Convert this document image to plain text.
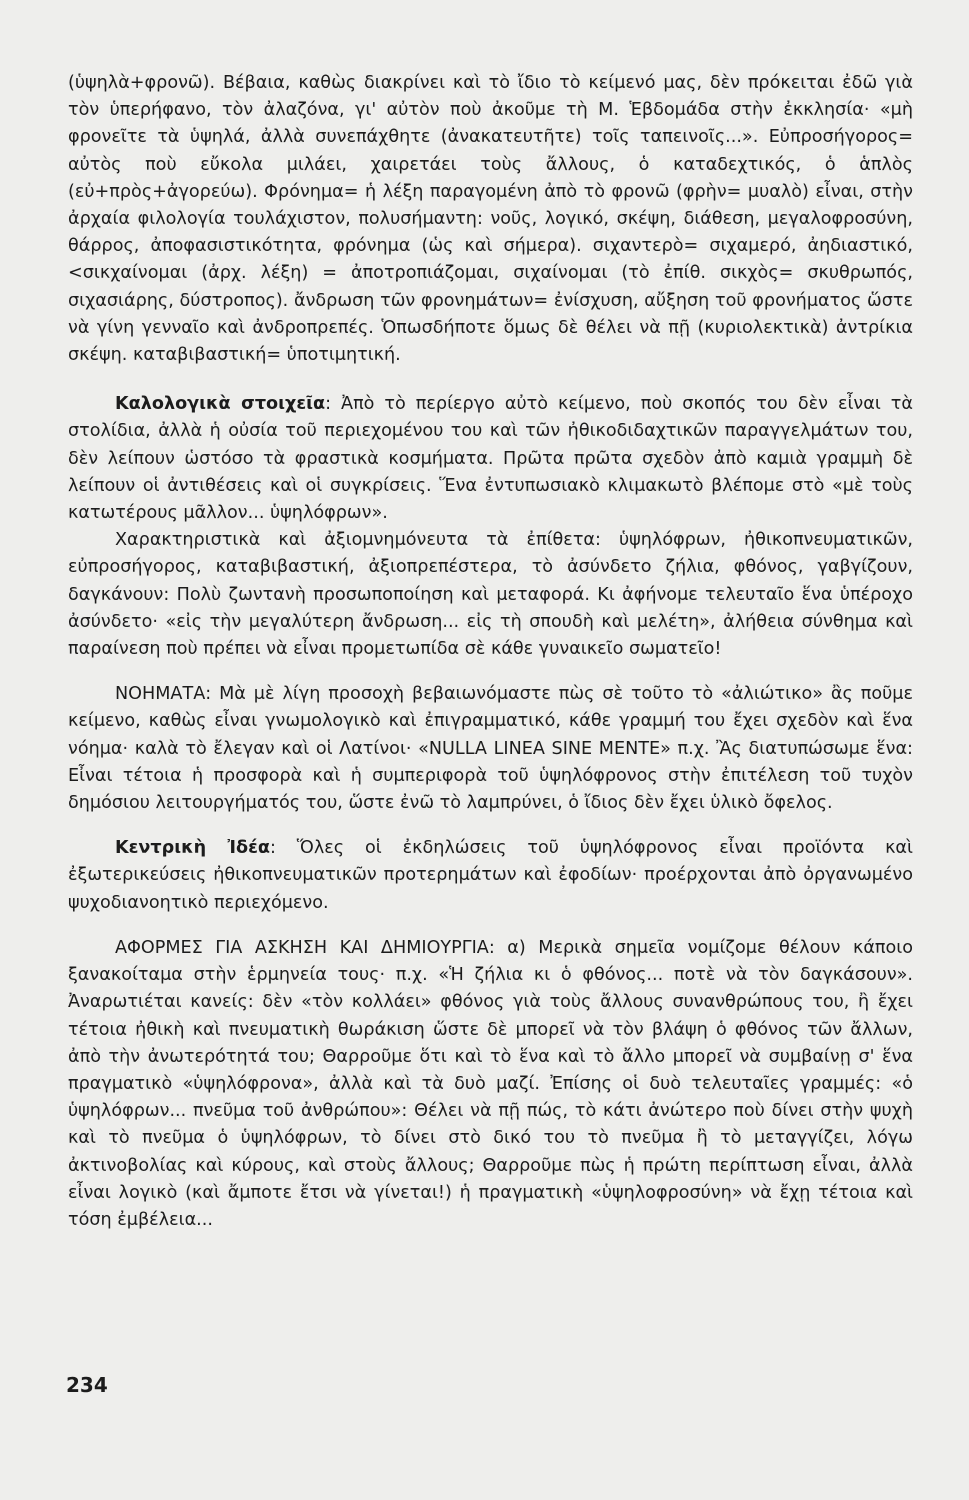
(ὑψηλὰ+φρονῶ). Βέβαια, καθὼς διακρίνει καὶ τὸ ἴδιο τὸ κείμενό μας, δὲν πρόκειται ἐδῶ γιὰ τὸν ὑπερήφανο, τὸν ἀλαζόνα, γι' αὐτὸν ποὺ ἀκοῦμε τὴ Μ. Ἑβδομάδα στὴν ἐκκλησία· «μὴ φρονεῖτε τὰ ὑψηλά, ἀλλὰ συνεπάχθητε (ἀνακατευτῆτε) τοῖς ταπεινοῖς...». Εὐπροσήγορος= αὐτὸς ποὺ εὔκολα μιλάει, χαιρετάει τοὺς ἄλλους, ὁ καταδεχτικός, ὁ ἁπλὸς (εὐ+πρὸς+ἀγορεύω). Φρόνημα= ἡ λέξη παραγομένη ἀπὸ τὸ φρονῶ (φρὴν= μυαλὸ) εἶναι, στὴν ἀρχαία φιλολογία τουλάχιστον, πολυσήμαντη: νοῦς, λογικό, σκέψη, διάθεση, μεγαλοφροσύνη, θάρρος, ἀποφασιστικότητα, φρόνημα (ὡς καὶ σήμερα). σιχαντερὸ= σιχαμερό, ἀηδιαστικό, <σικχαίνομαι (ἀρχ. λέξη) = ἀποτροπιάζομαι, σιχαίνομαι (τὸ ἐπίθ. σικχὸς= σκυθρωπός, σιχασιάρης, δύστροπος). ἄνδρωση τῶν φρονημάτων= ἐνίσχυση, αὔξηση τοῦ φρονήματος ὥστε νὰ γίνη γενναῖο καὶ ἀνδροπρεπές. Ὁπωσδήποτε ὅμως δὲ θέλει νὰ πῇ (κυριολεκτικὰ) ἀντρίκια σκέψη. καταβιβαστική= ὑποτιμητική.

Καλολογικὰ στοιχεῖα: Ἀπὸ τὸ περίεργο αὐτὸ κείμενο, ποὺ σκοπός του δὲν εἶναι τὰ στολίδια, ἀλλὰ ἡ οὐσία τοῦ περιεχομένου του καὶ τῶν ἠθικοδιδαχτικῶν παραγγελμάτων του, δὲν λείπουν ὡστόσο τὰ φραστικὰ κοσμήματα. Πρῶτα πρῶτα σχεδὸν ἀπὸ καμιὰ γραμμὴ δὲ λείπουν οἱ ἀντιθέσεις καὶ οἱ συγκρίσεις. Ἕνα ἐντυπωσιακὸ κλιμακωτὸ βλέπομε στὸ «μὲ τοὺς κατωτέρους μᾶλλον... ὑψηλόφρων».

Χαρακτηριστικὰ καὶ ἀξιομνημόνευτα τὰ ἐπίθετα: ὑψηλόφρων, ἠθικοπνευματικῶν, εὐπροσήγορος, καταβιβαστική, ἀξιοπρεπέστερα, τὸ ἀσύνδετο ζήλια, φθόνος, γαβγίζουν, δαγκάνουν: Πολὺ ζωντανὴ προσωποποίηση καὶ μεταφορά. Κι ἀφήνομε τελευταῖο ἕνα ὑπέροχο ἀσύνδετο· «εἰς τὴν μεγαλύτερη ἄνδρωση... εἰς τὴ σπουδὴ καὶ μελέτη», ἀλήθεια σύνθημα καὶ παραίνεση ποὺ πρέπει νὰ εἶναι προμετωπίδα σὲ κάθε γυναικεῖο σωματεῖο!

ΝΟΗΜΑΤΑ: Μὰ μὲ λίγη προσοχὴ βεβαιωνόμαστε πὼς σὲ τοῦτο τὸ «ἀλιώτικο» ἂς ποῦμε κείμενο, καθὼς εἶναι γνωμολογικὸ καὶ ἐπιγραμματικό, κάθε γραμμή του ἔχει σχεδὸν καὶ ἕνα νόημα· καλὰ τὸ ἔλεγαν καὶ οἱ Λατίνοι· «NULLA LINEA SINE MENTE» π.χ. Ἂς διατυπώσωμε ἕνα: Εἶναι τέτοια ἡ προσφορὰ καὶ ἡ συμπεριφορὰ τοῦ ὑψηλόφρονος στὴν ἐπιτέλεση τοῦ τυχὸν δημόσιου λειτουργήματός του, ὥστε ἐνῶ τὸ λαμπρύνει, ὁ ἴδιος δὲν ἔχει ὑλικὸ ὄφελος.

Κεντρικὴ Ἰδέα: Ὅλες οἱ ἐκδηλώσεις τοῦ ὑψηλόφρονος εἶναι προϊόντα καὶ ἐξωτερικεύσεις ἠθικοπνευματικῶν προτερημάτων καὶ ἐφοδίων· προέρχονται ἀπὸ ὀργανωμένο ψυχοδιανοητικὸ περιεχόμενο.

ΑΦΟΡΜΕΣ ΓΙΑ ΑΣΚΗΣΗ ΚΑΙ ΔΗΜΙΟΥΡΓΙΑ: α) Μερικὰ σημεῖα νομίζομε θέλουν κάποιο ξανακοίταμα στὴν ἑρμηνεία τους· π.χ. «Ἡ ζήλια κι ὁ φθόνος... ποτὲ νὰ τὸν δαγκάσουν». Ἀναρωτιέται κανείς: δὲν «τὸν κολλάει» φθόνος γιὰ τοὺς ἄλλους συνανθρώπους του, ἢ ἔχει τέτοια ἠθικὴ καὶ πνευματικὴ θωράκιση ὥστε δὲ μπορεῖ νὰ τὸν βλάψη ὁ φθόνος τῶν ἄλλων, ἀπὸ τὴν ἀνωτερότητά του; Θαρροῦμε ὅτι καὶ τὸ ἕνα καὶ τὸ ἄλλο μπορεῖ νὰ συμβαίνῃ σ' ἕνα πραγματικὸ «ὑψηλόφρονα», ἀλλὰ καὶ τὰ δυὸ μαζί. Ἐπίσης οἱ δυὸ τελευταῖες γραμμές: «ὁ ὑψηλόφρων... πνεῦμα τοῦ ἀνθρώπου»: Θέλει νὰ πῇ πώς, τὸ κάτι ἀνώτερο ποὺ δίνει στὴν ψυχὴ καὶ τὸ πνεῦμα ὁ ὑψηλόφρων, τὸ δίνει στὸ δικό του τὸ πνεῦμα ἢ τὸ μεταγγίζει, λόγω ἀκτινοβολίας καὶ κύρους, καὶ στοὺς ἄλλους; Θαρροῦμε πὼς ἡ πρώτη περίπτωση εἶναι, ἀλλὰ εἶναι λογικὸ (καὶ ἄμποτε ἔτσι νὰ γίνεται!) ἡ πραγματικὴ «ὑψηλοφροσύνη» νὰ ἔχῃ τέτοια καὶ τόση ἐμβέλεια...

234
